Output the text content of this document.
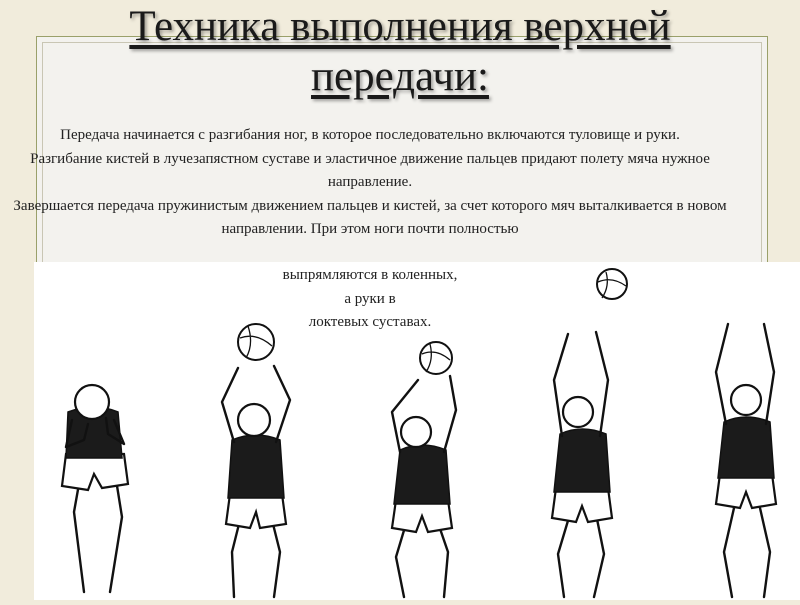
Техника выполнения верхней
передачи:
Передача начинается с разгибания ног, в которое последовательно включаются туловище и руки.
Разгибание кистей в лучезапястном суставе и эластичное движение пальцев придают полету мяча нужное направление.
Завершается передача пружинистым движением пальцев и кистей, за счет которого мяч выталкивается в новом направлении. При этом ноги почти полностью
выпрямляются в коленных,
а руки в
локтевых суставах.
